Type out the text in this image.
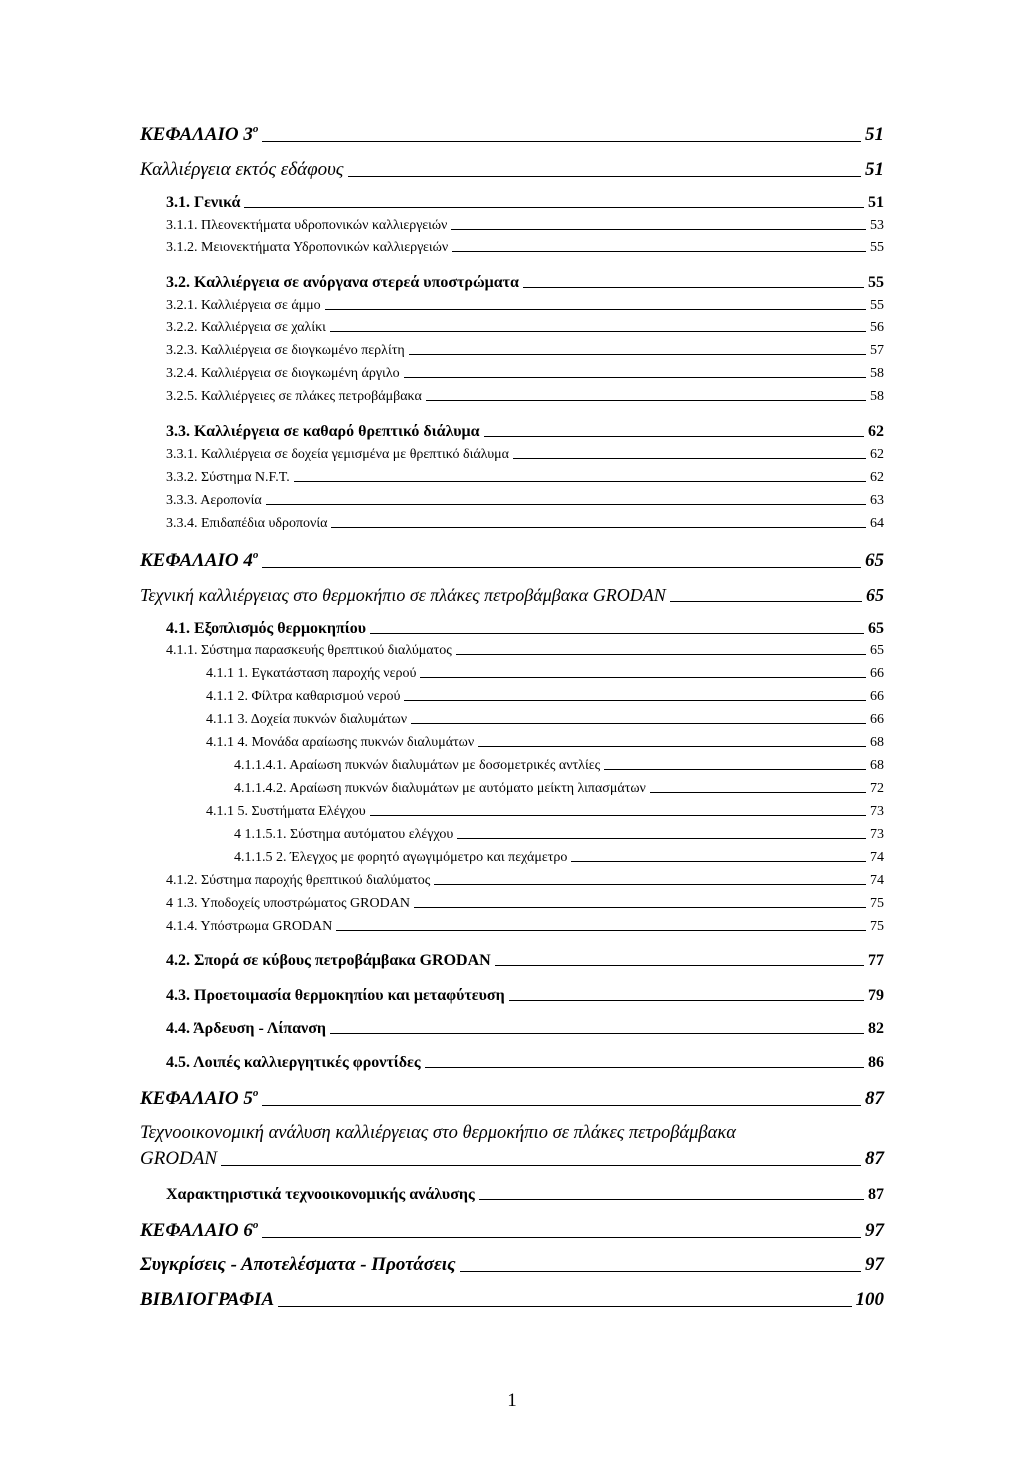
ΚΕΦΑΛΑΙΟ $3^o$	51
Καλλιέργεια εκτός εδάφους	51
3.1. Γενικά	51
3.1.1. Πλεονεκτήματα υδροπονικών καλλιεργειών	53
3.1.2. Μειονεκτήματα Υδροπονικών καλλιεργειών	55
3.2. Καλλιέργεια σε ανόργανα στερεά υποστρώματα	55
3.2.1. Καλλιέργεια σε άμμο	55
3.2.2. Καλλιέργεια σε χαλίκι	56
3.2.3. Καλλιέργεια σε διογκωμένο περλίτη	57
3.2.4. Καλλιέργεια σε διογκωμένη άργιλο	58
3.2.5. Καλλιέργειες σε πλάκες πετροβάμβακα	58
3.3. Καλλιέργεια σε καθαρό θρεπτικό διάλυμα	62
3.3.1. Καλλιέργεια σε δοχεία γεμισμένα με θρεπτικό διάλυμα	62
3.3.2. Σύστημα N.F.T.	62
3.3.3. Αεροπονία	63
3.3.4. Επιδαπέδια υδροπονία	64
ΚΕΦΑΛΑΙΟ $4^o$	65
Τεχνική καλλιέργειας στο θερμοκήπιο σε πλάκες πετροβάμβακα GRODAN	65
4.1. Εξοπλισμός θερμοκηπίου	65
4.1.1. Σύστημα παρασκευής θρεπτικού διαλύματος	65
4.1.1 1. Εγκατάσταση παροχής νερού	66
4.1.1 2. Φίλτρα καθαρισμού νερού	66
4.1.1 3. Δοχεία πυκνών διαλυμάτων	66
4.1.1 4. Μονάδα αραίωσης πυκνών διαλυμάτων	68
4.1.1.4.1. Αραίωση πυκνών διαλυμάτων με δοσομετρικές αντλίες	68
4.1.1.4.2. Αραίωση πυκνών διαλυμάτων με αυτόματο μείκτη λιπασμάτων	72
4.1.1 5. Συστήματα Ελέγχου	73
4 1.1.5.1. Σύστημα αυτόματου ελέγχου	73
4.1.1.5 2. Έλεγχος με φορητό αγωγιμόμετρο και πεχάμετρο	74
4.1.2. Σύστημα παροχής θρεπτικού διαλύματος	74
4 1.3. Υποδοχείς υποστρώματος GRODAN	75
4.1.4. Υπόστρωμα GRODAN	75
4.2. Σπορά σε κύβους πετροβάμβακα GRODAN	77
4.3. Προετοιμασία θερμοκηπίου και μεταφύτευση	79
4.4. Άρδευση - Λίπανση	82
4.5. Λοιπές καλλιεργητικές φροντίδες	86
ΚΕΦΑΛΑΙΟ $5^o$	87
Τεχνοοικονομική ανάλυση καλλιέργειας στο θερμοκήπιο σε πλάκες πετροβάμβακα
GRODAN	87
Χαρακτηριστικά τεχνοοικονομικής ανάλυσης	87
ΚΕΦΑΛΑΙΟ $6^o$	97
Συγκρίσεις - Αποτελέσματα - Προτάσεις	97
ΒΙΒΛΙΟΓΡΑΦΙΑ	100
1
